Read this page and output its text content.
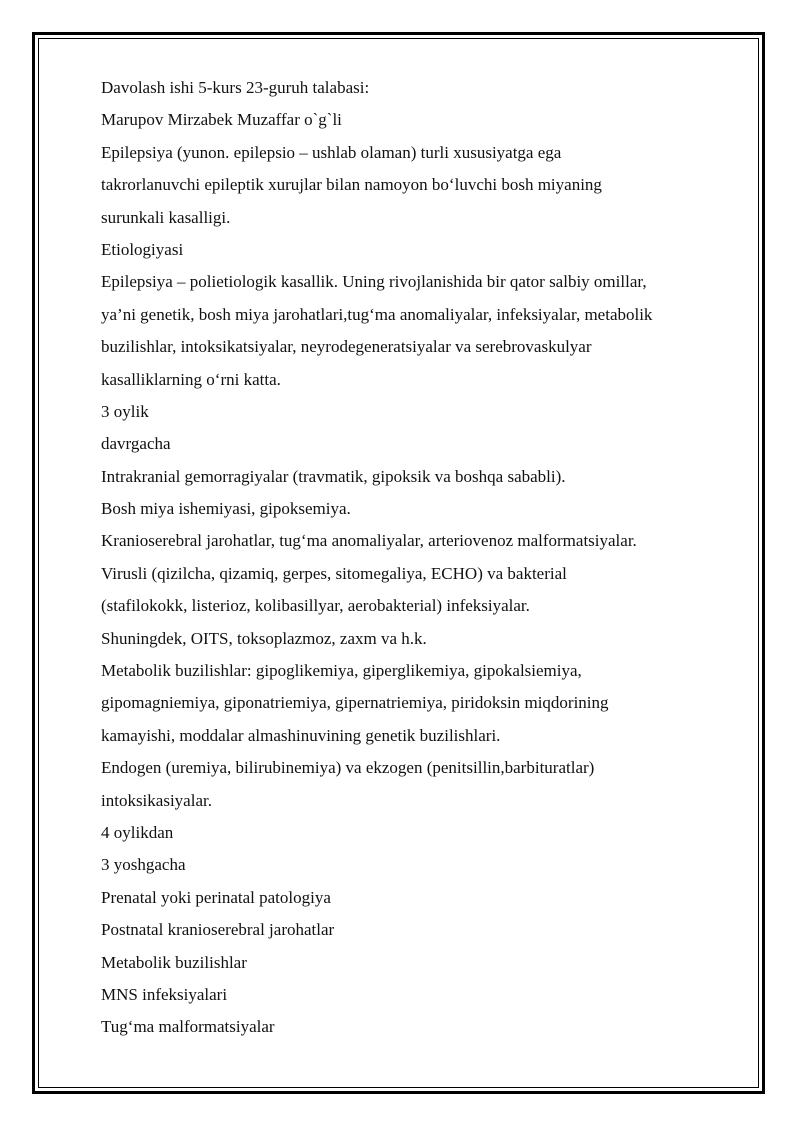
Davolash ishi 5-kurs 23-guruh talabasi:
Marupov Mirzabek Muzaffar o`g`li
Epilepsiya (yunon. epilepsio – ushlab olaman) turli xususiyatga ega
takrorlanuvchi epileptik xurujlar bilan namoyon bo‘luvchi bosh miyaning
surunkali kasalligi.
Etiologiyasi
Epilepsiya – polietiologik kasallik. Uning rivojlanishida bir qator salbiy omillar,
ya’ni genetik, bosh miya jarohatlari,tug‘ma anomaliyalar, infeksiyalar, metabolik
buzilishlar, intoksikatsiyalar, neyrodegeneratsiyalar va serebrovaskulyar
kasalliklarning o‘rni katta.
3 oylik
davrgacha
Intrakranial gemorragiyalar (travmatik, gipoksik va boshqa sababli).
Bosh miya ishemiyasi, gipoksemiya.
Kranioserebral jarohatlar, tug‘ma anomaliyalar, arteriovenoz malformatsiyalar.
Virusli (qizilcha, qizamiq, gerpes, sitomegaliya, ECHO) va bakterial
(stafilokokk, listerioz, kolibasillyar, aerobakterial) infeksiyalar.
Shuningdek, OITS, toksoplazmoz, zaxm va h.k.
Metabolik buzilishlar: gipoglikemiya, giperglikemiya, gipokalsiemiya,
gipomagniemiya, giponatriemiya, gipernatriemiya, piridoksin miqdorining
kamayishi, moddalar almashinuvining genetik buzilishlari.
Endogen (uremiya, bilirubinemiya) va ekzogen (penitsillin,barbituratlar)
intoksikasiyalar.
4 oylikdan
3 yoshgacha
Prenatal yoki perinatal patologiya
Postnatal kranioserebral jarohatlar
Metabolik buzilishlar
MNS infeksiyalari
Tug‘ma malformatsiyalar
